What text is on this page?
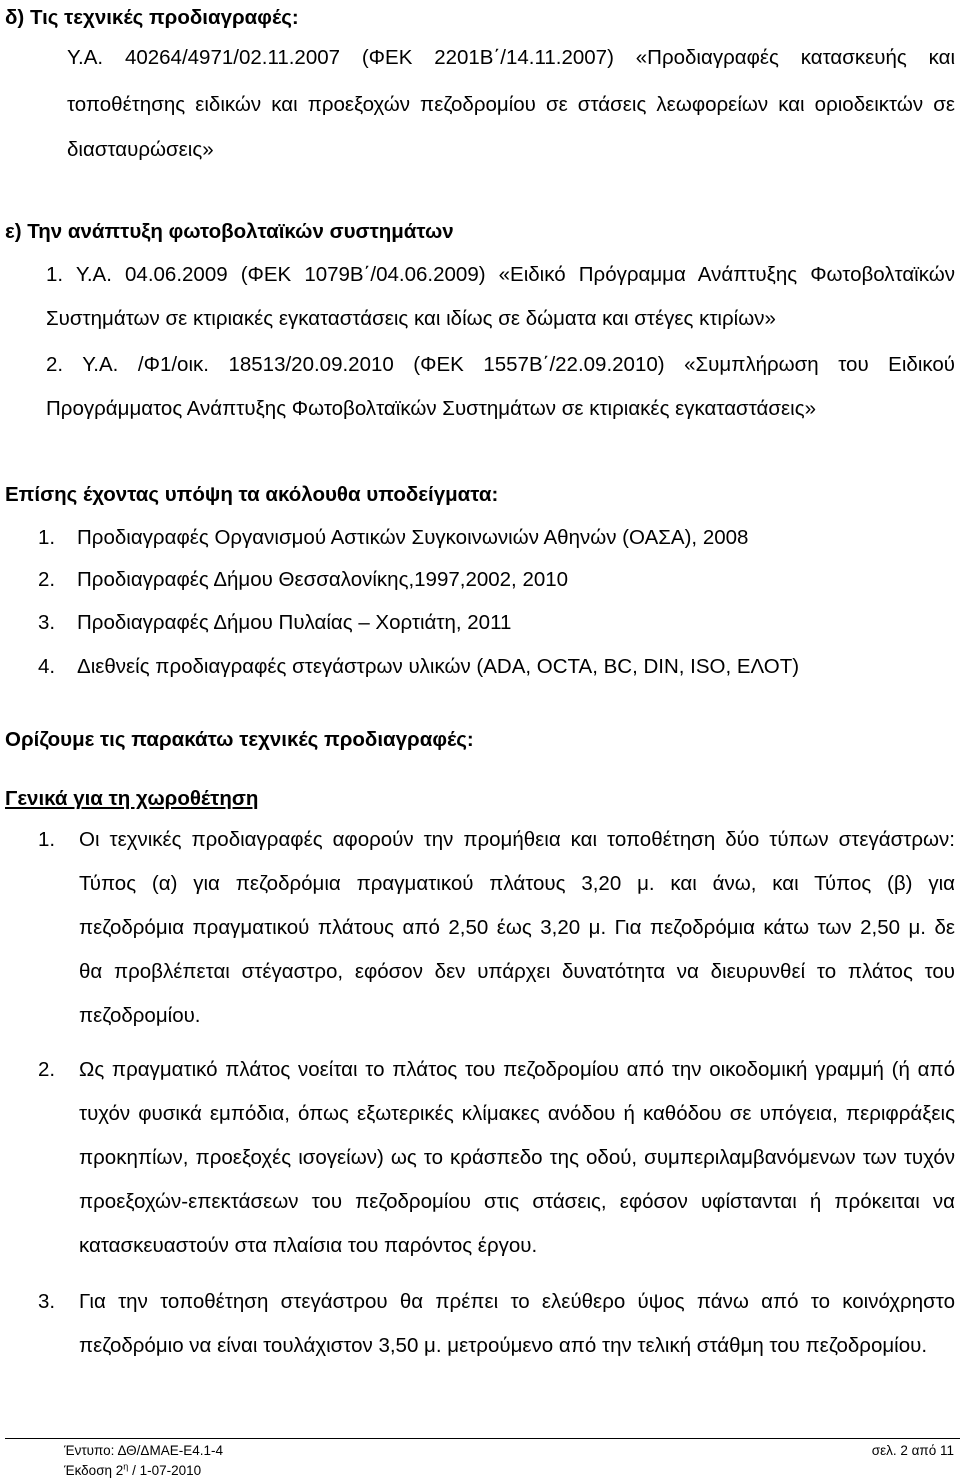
δ) Τις τεχνικές προδιαγραφές:
Υ.Α. 40264/4971/02.11.2007 (ΦΕΚ 2201Β΄/14.11.2007) «Προδιαγραφές κατασκευής και
τοποθέτησης ειδικών και προεξοχών πεζοδρομίου σε στάσεις λεωφορείων και οριοδεικτών σε
διασταυρώσεις»
ε) Την ανάπτυξη φωτοβολταϊκών συστημάτων
1. Υ.Α. 04.06.2009 (ΦΕΚ 1079Β΄/04.06.2009) «Ειδικό Πρόγραμμα Ανάπτυξης Φωτοβολταϊκών
Συστημάτων σε κτιριακές εγκαταστάσεις και ιδίως σε δώματα και στέγες κτιρίων»
2. Υ.Α. /Φ1/οικ. 18513/20.09.2010 (ΦΕΚ 1557Β΄/22.09.2010) «Συμπλήρωση του Ειδικού
Προγράμματος Ανάπτυξης Φωτοβολταϊκών Συστημάτων σε κτιριακές εγκαταστάσεις»
Επίσης έχοντας υπόψη τα ακόλουθα υποδείγματα:
1. Προδιαγραφές Οργανισμού Αστικών Συγκοινωνιών Αθηνών (ΟΑΣΑ), 2008
2. Προδιαγραφές Δήμου Θεσσαλονίκης,1997,2002, 2010
3. Προδιαγραφές Δήμου Πυλαίας – Χορτιάτη, 2011
4. Διεθνείς προδιαγραφές στεγάστρων υλικών (ADA, OCTA, BC, DIN, ISO, ΕΛΟΤ)
Ορίζουμε τις παρακάτω τεχνικές προδιαγραφές:
Γενικά για τη χωροθέτηση
1. Οι τεχνικές προδιαγραφές αφορούν την προμήθεια και τοποθέτηση δύο τύπων στεγάστρων:
Τύπος (α) για πεζοδρόμια πραγματικού πλάτους 3,20 μ. και άνω, και Τύπος (β) για
πεζοδρόμια πραγματικού πλάτους από 2,50 έως 3,20 μ. Για πεζοδρόμια κάτω των 2,50 μ. δε
θα προβλέπεται στέγαστρο, εφόσον δεν υπάρχει δυνατότητα να διευρυνθεί το πλάτος του
πεζοδρομίου.
2. Ως πραγματικό πλάτος νοείται το πλάτος του πεζοδρομίου από την οικοδομική γραμμή (ή από
τυχόν φυσικά εμπόδια, όπως εξωτερικές κλίμακες ανόδου ή καθόδου σε υπόγεια, περιφράξεις
προκηπίων, προεξοχές ισογείων) ως το κράσπεδο της οδού, συμπεριλαμβανόμενων των τυχόν
προεξοχών-επεκτάσεων του πεζοδρομίου στις στάσεις, εφόσον υφίστανται ή πρόκειται να
κατασκευαστούν στα πλαίσια του παρόντος έργου.
3. Για την τοποθέτηση στεγάστρου θα πρέπει το ελεύθερο ύψος πάνω από το κοινόχρηστο
πεζοδρόμιο να είναι τουλάχιστον 3,50 μ. μετρούμενο από την τελική στάθμη του πεζοδρομίου.
Έντυπο: ΔΘ/ΔΜΑΕ-Ε4.1-4
Έκδοση $2^\eta / 1-07-2010$
σελ. 2 από 11
